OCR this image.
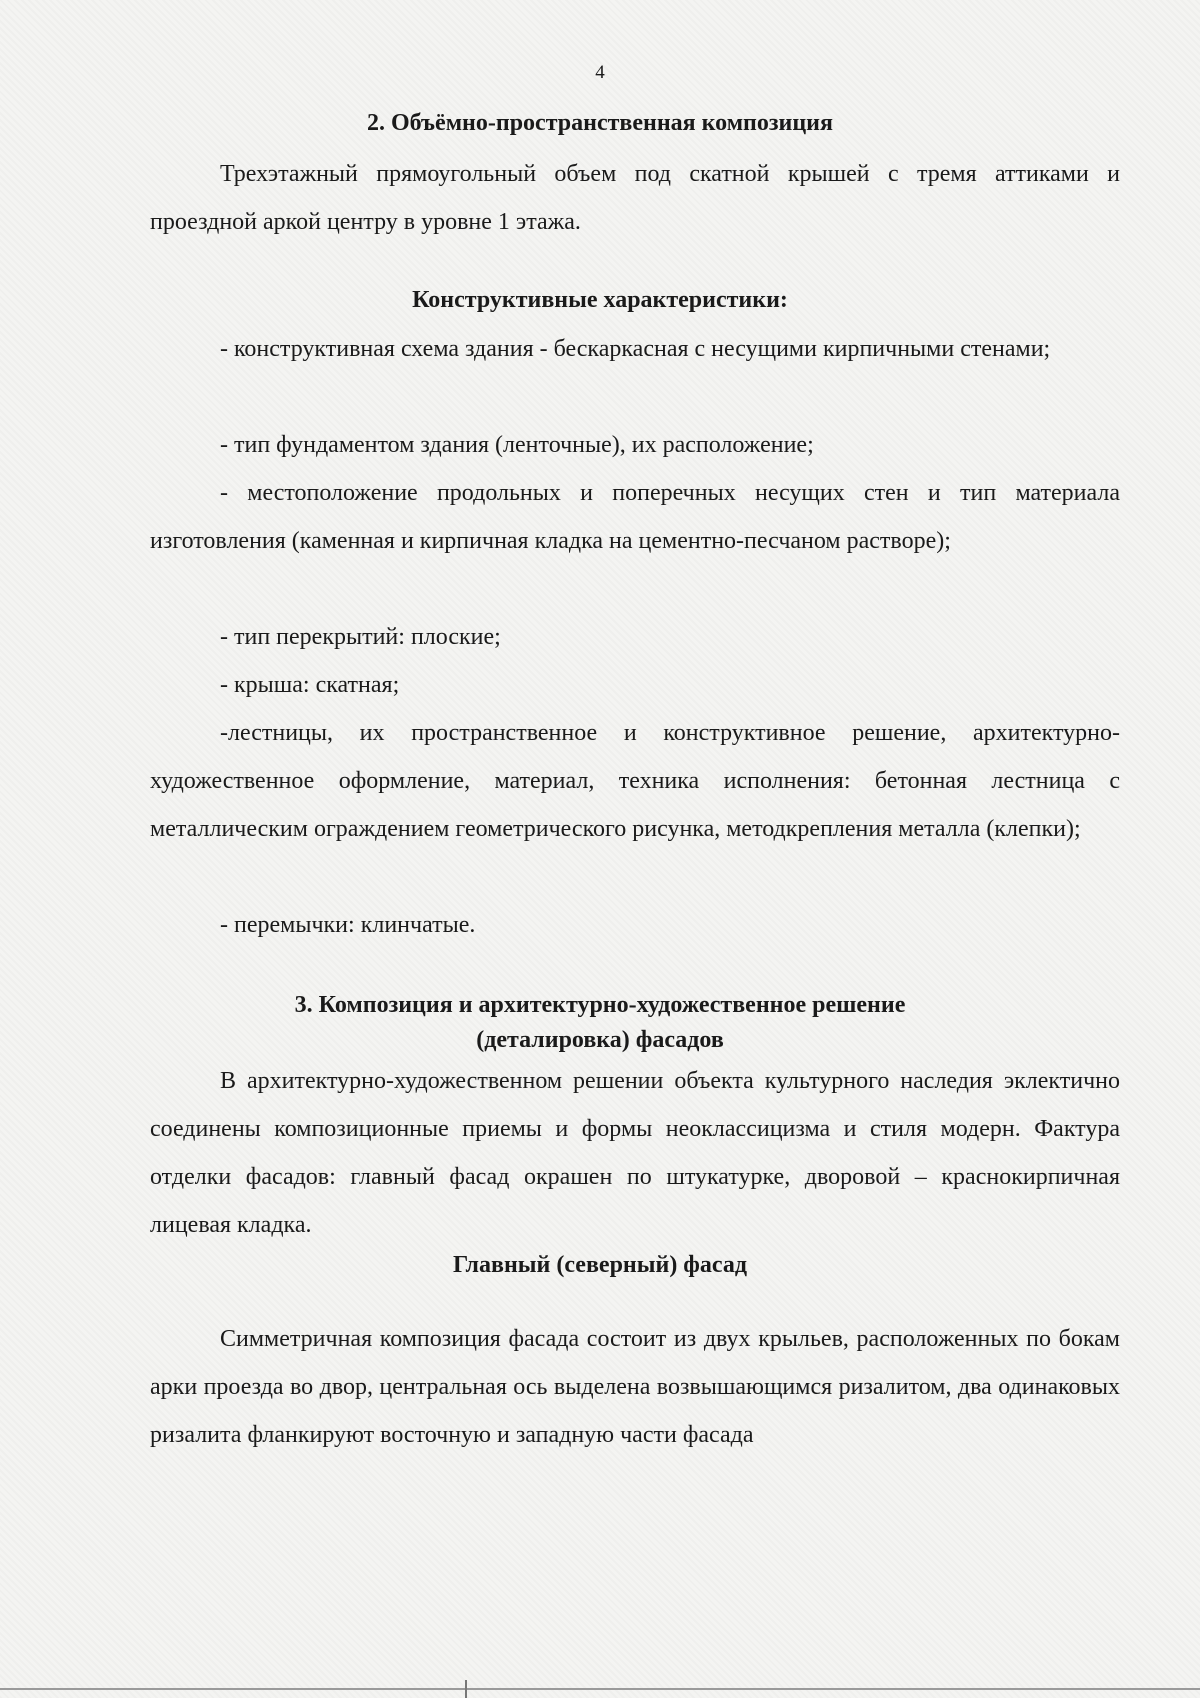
4
2. Объёмно-пространственная композиция

Трехэтажный прямоугольный объем под скатной крышей с тремя аттиками и проездной аркой центру в уровне 1 этажа.

Конструктивные характеристики:

- конструктивная схема здания - бескаркасная с несущими кирпичными стенами;

- тип фундаментом здания (ленточные), их расположение;

- местоположение продольных и поперечных несущих стен и тип материала изготовления (каменная и кирпичная кладка на цементно-песчаном растворе);

- тип перекрытий: плоские;

- крыша: скатная;

-лестницы, их пространственное и конструктивное решение, архитектурно-художественное оформление, материал, техника исполнения: бетонная лестница с металлическим ограждением геометрического рисунка, методкрепления металла (клепки);

- перемычки: клинчатые.

3. Композиция и архитектурно-художественное решение
(деталировка) фасадов

В архитектурно-художественном решении объекта культурного наследия эклектично соединены композиционные приемы и формы неоклассицизма и стиля модерн. Фактура отделки фасадов: главный фасад окрашен по штукатурке, дворовой – краснокирпичная лицевая кладка.

Главный (северный) фасад

Симметричная композиция фасада состоит из двух крыльев, расположенных по бокам арки проезда во двор, центральная ось выделена возвышающимся ризалитом, два одинаковых ризалита фланкируют восточную и западную части фасада
